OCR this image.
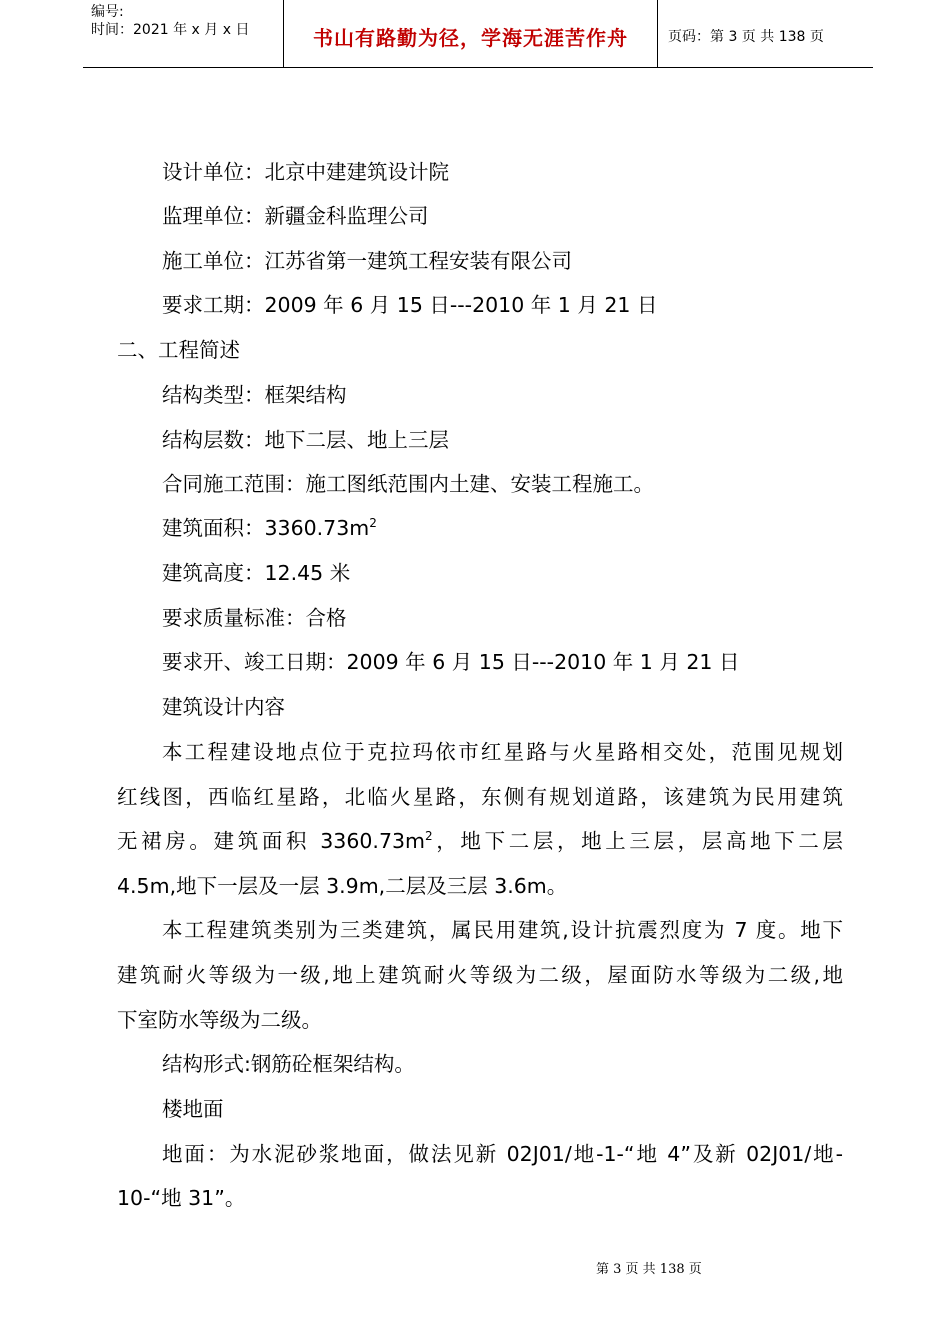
编号:
时间：2021 年 x 月 x 日	书山有路勤为径，学海无涯苦作舟	页码：第 3 页 共 138 页
设计单位：北京中建建筑设计院
监理单位：新疆金科监理公司
施工单位：江苏省第一建筑工程安装有限公司
要求工期：2009 年 6 月 15 日---2010 年 1 月 21 日
二、工程简述
结构类型：框架结构
结构层数：地下二层、地上三层
合同施工范围：施工图纸范围内土建、安装工程施工。
建筑面积：$3360.73m^2$
建筑高度：12.45 米
要求质量标准：合格
要求开、竣工日期：2009 年 6 月 15 日---2010 年 1 月 21 日
建筑设计内容
本工程建设地点位于克拉玛依市红星路与火星路相交处，范围见规划
红线图，西临红星路，北临火星路，东侧有规划道路，该建筑为民用建筑
无裙房。建筑面积 $3360.73m^2$，地下二层，地上三层，层高地下二层
4.5m,地下一层及一层 3.9m,二层及三层 3.6m。
本工程建筑类别为三类建筑，属民用建筑,设计抗震烈度为 7 度。地下
建筑耐火等级为一级,地上建筑耐火等级为二级，屋面防水等级为二级,地
下室防水等级为二级。
结构形式:钢筋砼框架结构。
楼地面
地面：为水泥砂浆地面，做法见新 02J01/地-1-“地 4”及新 02J01/地-
10-“地 31”。
第 3 页 共 138 页
